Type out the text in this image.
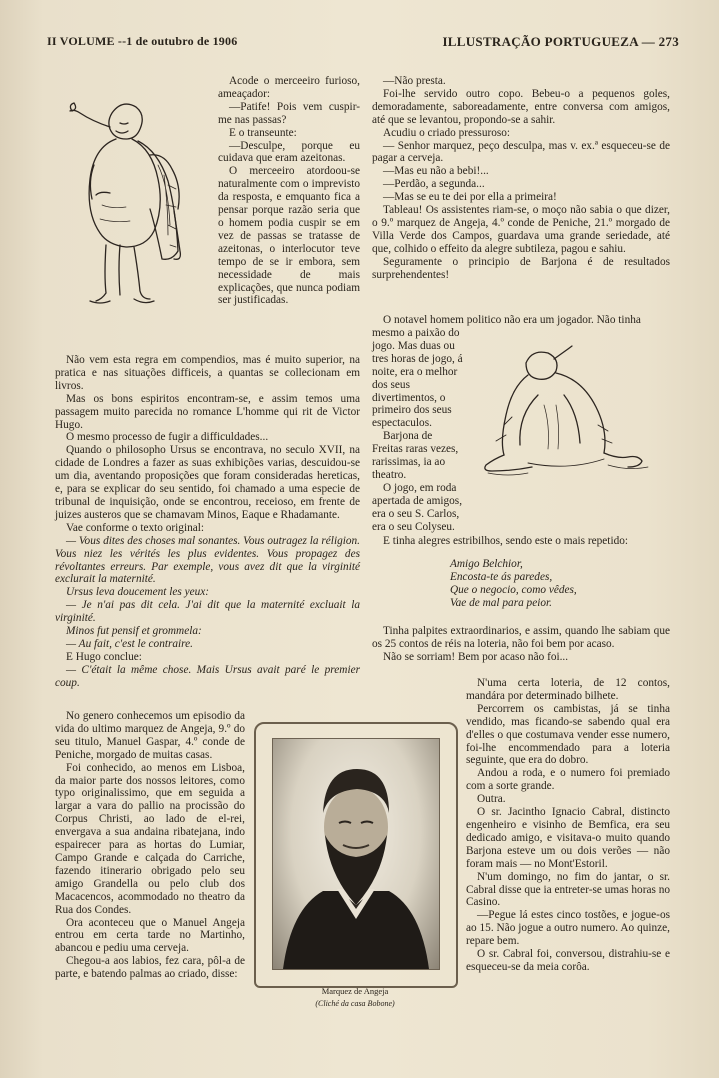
II VOLUME --1 de outubro de 1906	ILLUSTRAÇÃO PORTUGUEZA — 273

Acode o merceeiro furioso, ameaçador:

—Patife! Pois vem cuspir-me nas passas?

E o transeunte:

—Desculpe, porque eu cuidava que eram azeitonas.

O merceeiro atordoou-se naturalmente com o imprevisto da resposta, e emquanto fica a pensar porque razão seria que o homem podia cuspir se em vez de passas se tratasse de azeitonas, o interlocutor teve tempo de se ir embora, sem necessidade de mais explicações, que nunca podiam ser justificadas.

Não vem esta regra em compendios, mas é muito superior, na pratica e nas situações difficeis, a quantas se collecionam em livros.

Mas os bons espiritos encontram-se, e assim temos uma passagem muito parecida no romance L'homme qui rit de Victor Hugo.

O mesmo processo de fugir a difficuldades...

Quando o philosopho Ursus se encontrava, no seculo XVII, na cidade de Londres a fazer as suas exhibições varias, descuidou-se um dia, aventando proposições que foram consideradas hereticas, e, para se explicar do seu sentido, foi chamado a uma especie de tribunal de inquisição, onde se encontrou, receioso, em frente de juizes austeros que se chamavam Minos, Eaque e Rhadamante.

Vae conforme o texto original:

— Vous dites des choses mal sonantes. Vous outragez la réligion. Vous niez les vérités les plus evidentes. Vous propagez des révoltantes erreurs. Par exemple, vous avez dit que la virginité exclurait la maternité.

Ursus leva doucement les yeux:

— Je n'ai pas dit cela. J'ai dit que la maternité excluait la virginité.

Minos fut pensif et grommela:

— Au fait, c'est le contraire.

E Hugo conclue:

— C'était la même chose. Mais Ursus avait paré le premier coup.

No genero conhecemos um episodio da vida do ultimo marquez de Angeja, 9.º do seu titulo, Manuel Gaspar, 4.º conde de Peniche, morgado de muitas casas.

Foi conhecido, ao menos em Lisboa, da maior parte dos nossos leitores, como typo originalissimo, que em seguida a largar a vara do pallio na procissão do Corpus Christi, ao lado de el-rei, envergava a sua andaina ribatejana, indo espairecer para as hortas do Lumiar, Campo Grande e calçada do Carriche, fazendo itinerario obrigado pelo seu amigo Grandella ou pelo club dos Macacencos, acommodado no theatro da Rua dos Condes.

Ora aconteceu que o Manuel Angeja entrou em certa tarde no Martinho, abancou e pediu uma cerveja.

Chegou-a aos labios, fez cara, pôl-a de parte, e batendo palmas ao criado, disse:

—Não presta.

Foi-lhe servido outro copo. Bebeu-o a pequenos goles, demoradamente, saboreadamente, entre conversa com amigos, até que se levantou, propondo-se a sahir.

Acudiu o criado pressuroso:

— Senhor marquez, peço desculpa, mas v. ex.ª esqueceu-se de pagar a cerveja.

—Mas eu não a bebi!...

—Perdão, a segunda...

—Mas se eu te dei por ella a primeira!

Tableau! Os assistentes riam-se, o moço não sabia o que dizer, o 9.º marquez de Angeja, 4.º conde de Peniche, 21.º morgado de Villa Verde dos Campos, guardava uma grande seriedade, até que, colhido o effeito da alegre subtileza, pagou e sahiu.

Seguramente o principio de Barjona é de resultados surprehendentes!

O notavel homem politico não era um jogador. Não tinha

mesmo a paixão do jogo. Mas duas ou tres horas de jogo, á noite, era o melhor dos seus divertimentos, o primeiro dos seus espectaculos.

Barjona de Freitas raras vezes, rarissimas, ia ao theatro.

O jogo, em roda apertada de amigos, era o seu S. Carlos, era o seu Colyseu.

E tinha alegres estribilhos, sendo este o mais repetido:

Amigo Belchior,

Encosta-te ás paredes,

Que o negocio, como vêdes,

Vae de mal para peior.

Tinha palpites extraordinarios, e assim, quando lhe sabiam que os 25 contos de réis na loteria, não foi bem por acaso.

Não se sorriam! Bem por acaso não foi...

N'uma certa loteria, de 12 contos, mandára por determinado bilhete.

Percorrem os cambistas, já se tinha vendido, mas ficando-se sabendo qual era d'elles o que costumava vender esse numero, foi-lhe encommendado para a loteria seguinte, que era do dobro.

Andou a roda, e o numero foi premiado com a sorte grande.

Outra.

O sr. Jacintho Ignacio Cabral, distincto engenheiro e visinho de Bemfica, era seu dedicado amigo, e visitava-o muito quando Barjona esteve um ou dois verões — não foram mais — no Mont'Estoril.

N'um domingo, no fim do jantar, o sr. Cabral disse que ia entreter-se umas horas no Casino.

—Pegue lá estes cinco tostões, e jogue-os ao 15. Não jogue a outro numero. Ao quinze, repare bem.

O sr. Cabral foi, conversou, distrahiu-se e esqueceu-se da meia corôa.

Marquez de Angeja
(Cliché da casa Bobone)
